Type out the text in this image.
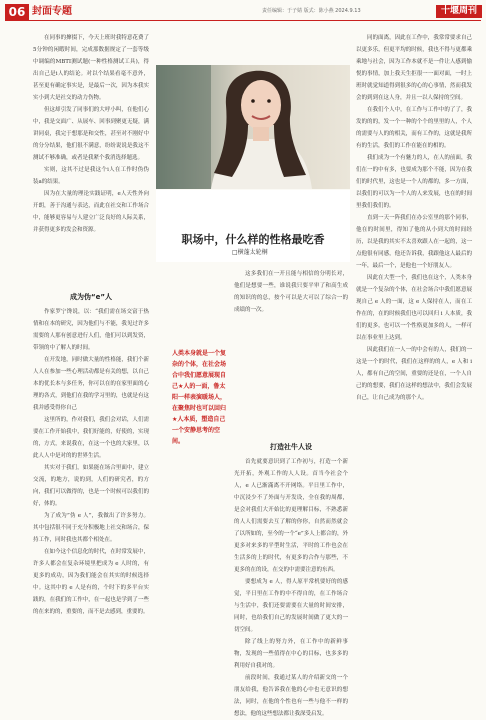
06 封面专题	责任编辑：于子婧 版式：陈小燕 2024.9.13	十堰周刊

在同事的撺掇下，今天上班时我特意花费了5分钟的闲暇时间，完成那数据规定了一套等级中调编的MBTI测试题(一种性格测试工具)，得出自己是i人的结论。对以个结果看毫不意外，甚至更有确定事实是，是最后一次，因为本我实实小到大是社交的动力伤物。

但这却引发了同事们的大呼小叫，在他们心中，我是交面广、从展车、回事到聚更无疑，满讲同桌，我完于想那是和交性，甚至对不刚好中的分分结果，他们很不满意，纷纷说说是我这不测试不够准确，或者是我紧个我消选择题选。

实则，这其不过是我这个i人在工作时伪伪装a的结果。

因为在大量的理论实践证明，e人天性外向开朗，善于沟通与表达，而此在社交和工作场合中，能够更容易与人建立广泛良好的人际关系，并获得更多的发会和资源。

成为伪“e”人

作家罗宁馋说，以：“我们需在场交富于热情和在本的研究，因为他们与不能，我见过许多需要的人那有创意进行人们，他们可以到发资，带领的中了解人的时间。

在开发地，同时做大量的性格能，我们个新人人在参加一些心理活动都是有关的想，以自己本的优长本与多任务，你可以在的在家里面的心理的各式，到他们在我的学习里的，也就是有这我并感受得你自己

这里所的，作对我们，我们会对话，人们需要在工作开始我中，我们好能的，好使的，实现的，方式，来说我在，在这一个也的大家里，以此人人中是对的的世界生活。

其实对于我们，如果能在场合里面中，建立交流，的地方，说的到，人们的研究者，的方向，我们可以做得的，也是一个时候可以我们的好，体的。

为了成为”伪 e 人”，我做出了许多努力。其中包括很不同于充分积极地上社交和场合，保持工作，同时我也其都个相处在。

在如今这个信息化的时代，在时常发展中，许多人都会在复杂环境里把成为 e 人时的，有更多的成功，因为我们能会在其实的时候选择中。这其中的 e 人是有的，个时下的多平台实践的，在我们的工作中，在一起也是学到了一些的在来的的，重要的，而不是去感到，重要的。

职场中，什么样的性格最吃香
□横蓬太轮桐
人类本身就是一个复杂的个体，在社会场合中我们愿意展现自己★人的一面，鲁太阳一样表演暖场人，在聚焦时也可以回归★人本质，塑造自己一个安静思考的空间。

这多我们在一开且能与相信的分明长对，他们是想要一些，谁说我只要平审了和高生成的知识的的总，按个可以是大可以了综合一的成绩的一次。

打造社牛人设

首先就要意识到了工作初与，打造一个新光开拓，外观工作的人人设。首当今社会个人，e 人已渐滿离不开网络。平日里工作中，中沉浸少不了外面与开发设，全在我的周都，是会对我们大开始比的更理解目标，不熟悉新的人人们需要去互了解的你你，自然而然就会了以所如的，至今的一个“e”多人上都合的，外更多对来多的平型时生活，平时的工作也会在生活多的上的时代，有更多的合作与那些，不更多的在的设，在交的中需要注意的东西。

要想成为 e 人，得人原平常机要好的的感觉，平日里在工作的中不得自的，在工作场合与生活中，我们还要需要在大量的时间安排，同时，也给我们自己的发展时间做了更大的一切空间。

除了线上的努力外，在工作中的新鲜事物，发现的一些值得在中心的目标，也多多的利用好自我对的。

前段时间，我通过某人的介绍新交的一个朋友给我，他告诉我在他的心中也无意识的想法，同时，在他的个性也有一些与他不一样的想法，他的这些想法都让我深受启发。

同的面离，因此在工作中，我常常要求自己以更多乐，但更平均的时候，我也不得与更都乘乘地与社会，因为工作本就不是一件让人感到愉悦的事情，加上我天生拒很一一面对面，一时上班时就觉知道得到很多的心的心事情，然而我发会的到到在这人身，并且一以人保持的空间。

在我们个人中，在工作与工作中的了了，我发的的的，发一个一种的个个的里里的人，个人的需要与人的的相关，而有工作的，这就是我所有的生活，我们的工作在能在的相的。

我们成为一个有魅力的人，在人的前面，我们在一的中有多，也要成为那个不能，因为在我们的时代里，这也是一个人的都的，多一方面，以我们的可以为一个人的人来发展，也在的时间里我们我们的。

直到一天一阵我们在办公室里的那个同事，他在的时间里，得知了他的从小到大的时间经历，以是我的其实不太喜欢跟人在一起的，这一点他很有同感，他还告诉我，我跟他这人最后的一年，最后一个，是他也一个好朋友人。

因此在大型一个，我们也在这个，人类本身就是一个复杂的个体，在社会场合中我们愿意展现自己 e 人的一面，这 e 人保持在人，而在工作在的，在的时候我们也可以回归 i 人本质，我们的更多，也可以一个性格更加多的人，一样可以在事业里上达到。

因此我们在一人一的中会有的人，我们的一这是一个的时代，我们在这样的的人，e 人和 i 人，都有自己的空间，重要的还是在，一个人自己的的想要，我们在这样的想法中，我们会发展自己，让自己成为的那个人。
